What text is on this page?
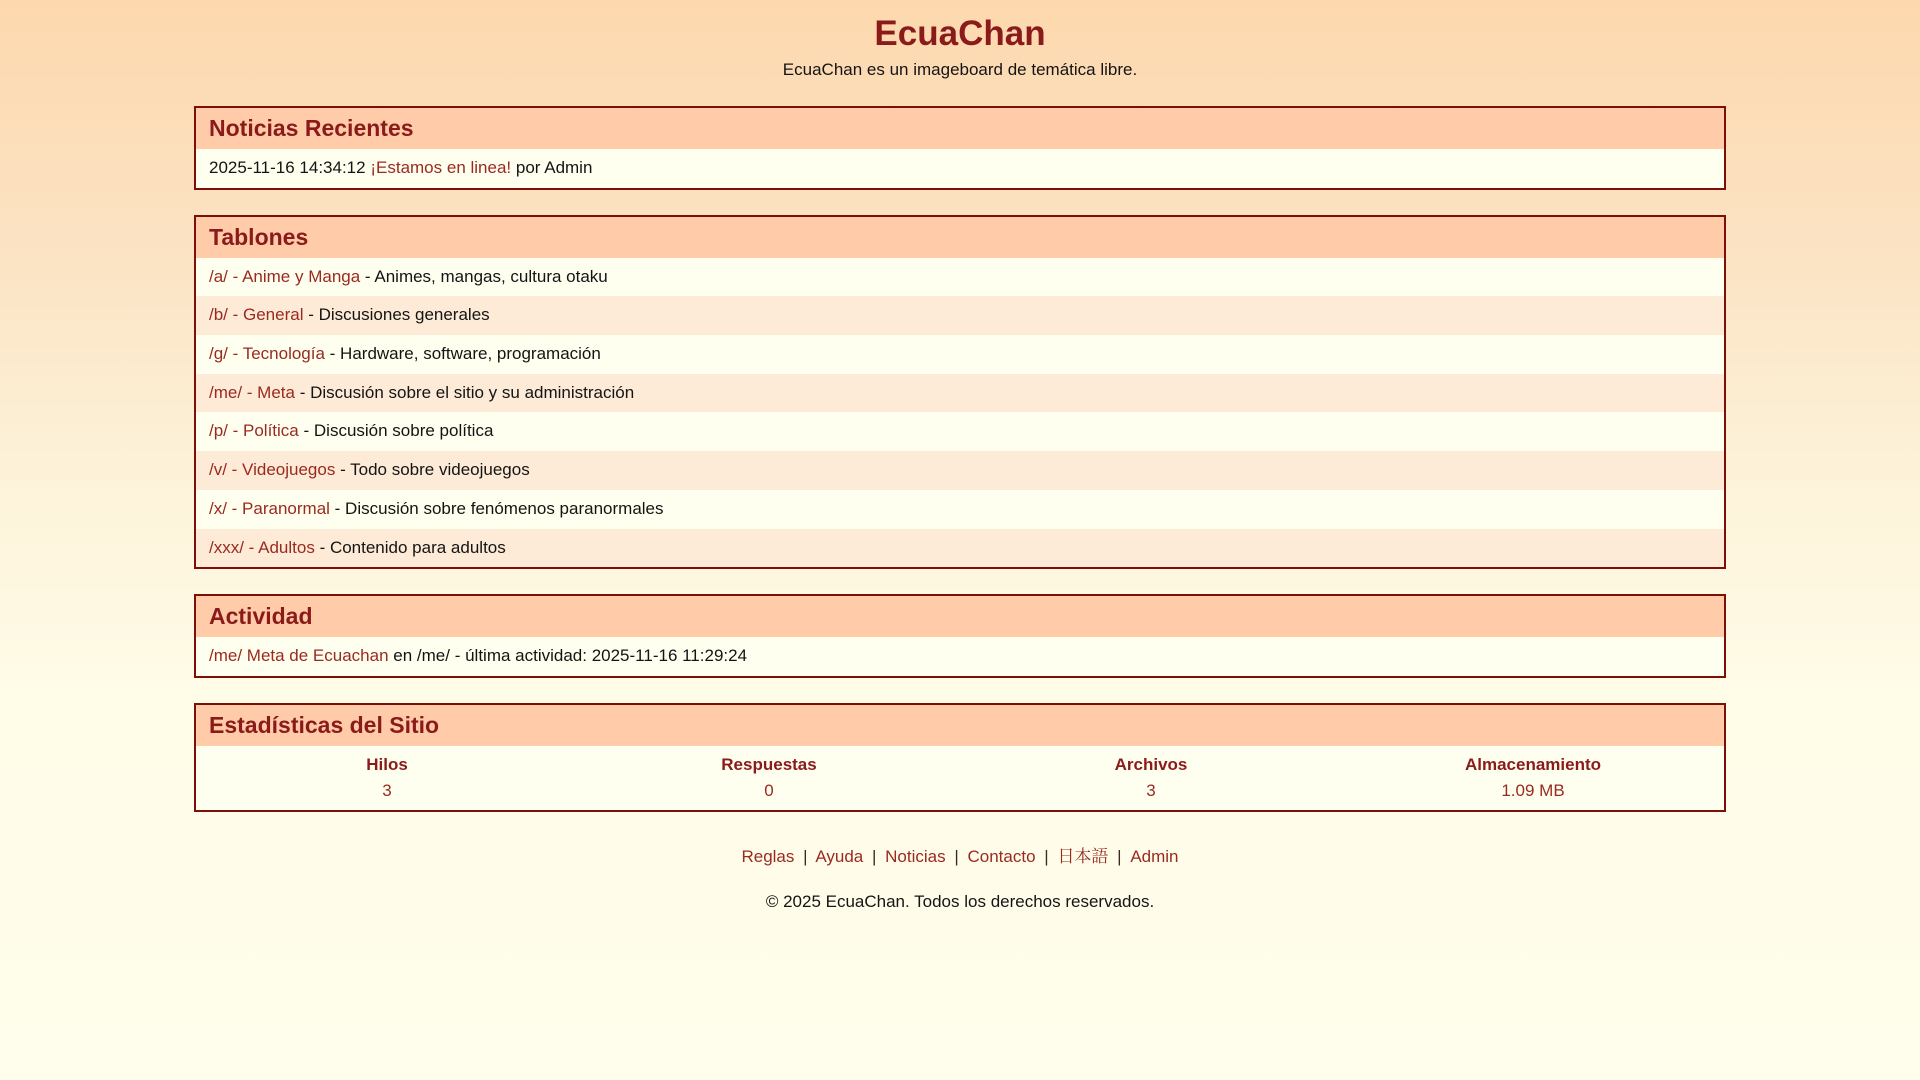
EcuaChan

EcuaChan es un imageboard de temática libre.

Noticias Recientes
2025-11-16 14:34:12 ¡Estamos en linea! por Admin
Tablones
/a/ - Anime y Manga - Animes, mangas, cultura otaku
/b/ - General - Discusiones generales
/g/ - Tecnología - Hardware, software, programación
/me/ - Meta - Discusión sobre el sitio y su administración
/p/ - Política - Discusión sobre política
/v/ - Videojuegos - Todo sobre videojuegos
/x/ - Paranormal - Discusión sobre fenómenos paranormales
/xxx/ - Adultos - Contenido para adultos
Actividad
/me/ Meta de Ecuachan en /me/ - última actividad: 2025-11-16 11:29:24
Estadísticas del Sitio
Hilos	Respuestas	Archivos	Almacenamiento
3	0	3	1.09 MB
Reglas | Ayuda | Noticias | Contacto | 日本語 | Admin

© 2025 EcuaChan. Todos los derechos reservados.
